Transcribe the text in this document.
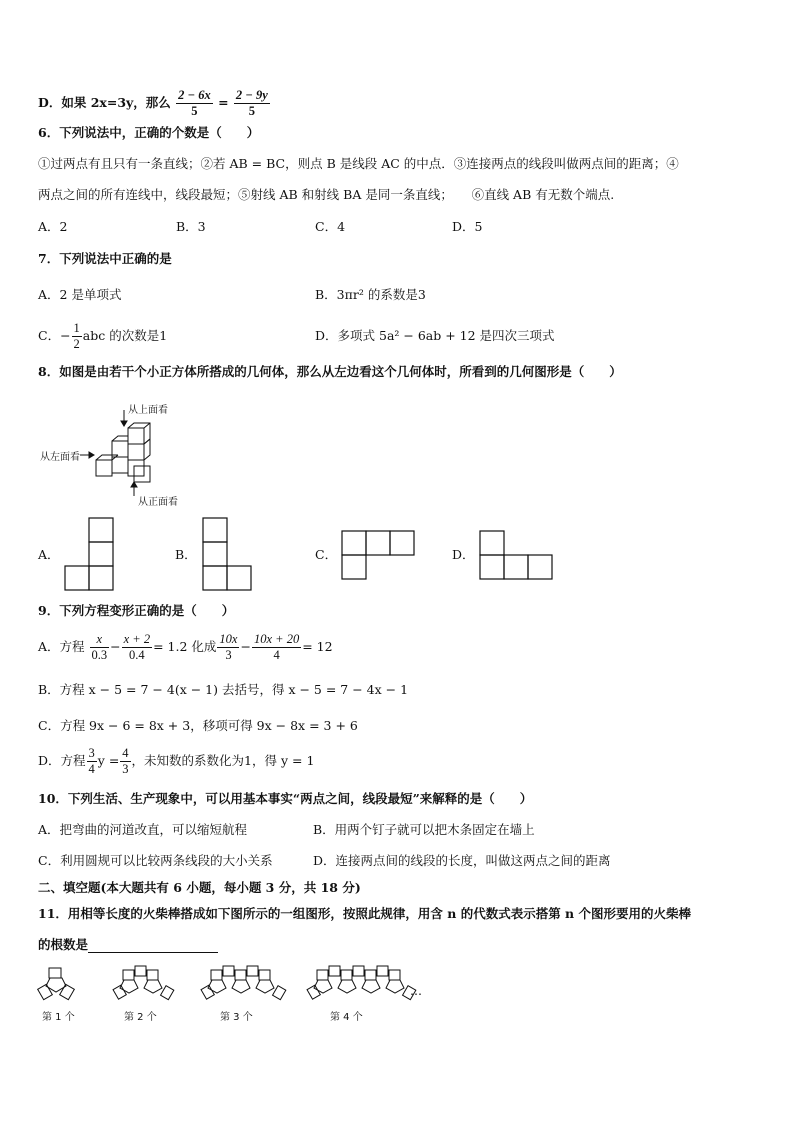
D．如果 2x=3y，那么 $\frac{2 - 6x}{5} = \frac{2 - 9y}{5}$
6．下列说法中，正确的个数是（　　）
①过两点有且只有一条直线；②若 AB = BC，则点 B 是线段 AC 的中点．③连接两点的线段叫做两点间的距离；④
两点之间的所有连线中，线段最短；⑤射线 AB 和射线 BA 是同一条直线；　　⑥直线 AB 有无数个端点.
A．2	B．3	C．4	D．5
7．下列说法中正确的是
A．2 是单项式	B．3πr² 的系数是3
C．− $\frac{1}{2}$ abc 的次数是1	D．多项式 5a² − 6ab + 12 是四次三项式
8．如图是由若干个小正方体所搭成的几何体，那么从左边看这个几何体时，所看到的几何图形是（　　）
从上面看
从左面看
从正面看
A．	B．	C．	D．
9．下列方程变形正确的是（　　）
A．方程 $\frac{x}{0.3} - \frac{x + 2}{0.4} = 1.2$ 化成 $\frac{10x}{3} - \frac{10x + 20}{4} = 12$
B．方程 x − 5 = 7 − 4(x − 1) 去括号，得 x − 5 = 7 − 4x − 1
C．方程 9x − 6 = 8x + 3，移项可得 9x − 8x = 3 + 6
D．方程 $\frac{3}{4}$ $y = \frac{4}{3}$ ，未知数的系数化为1，得 y = 1
10．下列生活、生产现象中，可以用基本事实“两点之间，线段最短”来解释的是（　　）
A．把弯曲的河道改直，可以缩短航程	B．用两个钉子就可以把木条固定在墙上
C．利用圆规可以比较两条线段的大小关系	D．连接两点间的线段的长度，叫做这两点之间的距离
二、填空题(本大题共有 6 小题，每小题 3 分，共 18 分)
11．用相等长度的火柴棒搭成如下图所示的一组图形，按照此规律，用含 n 的代数式表示搭第 n 个图形要用的火柴棒
的根数是
…
第 1 个	第 2 个	第 3 个	第 4 个
